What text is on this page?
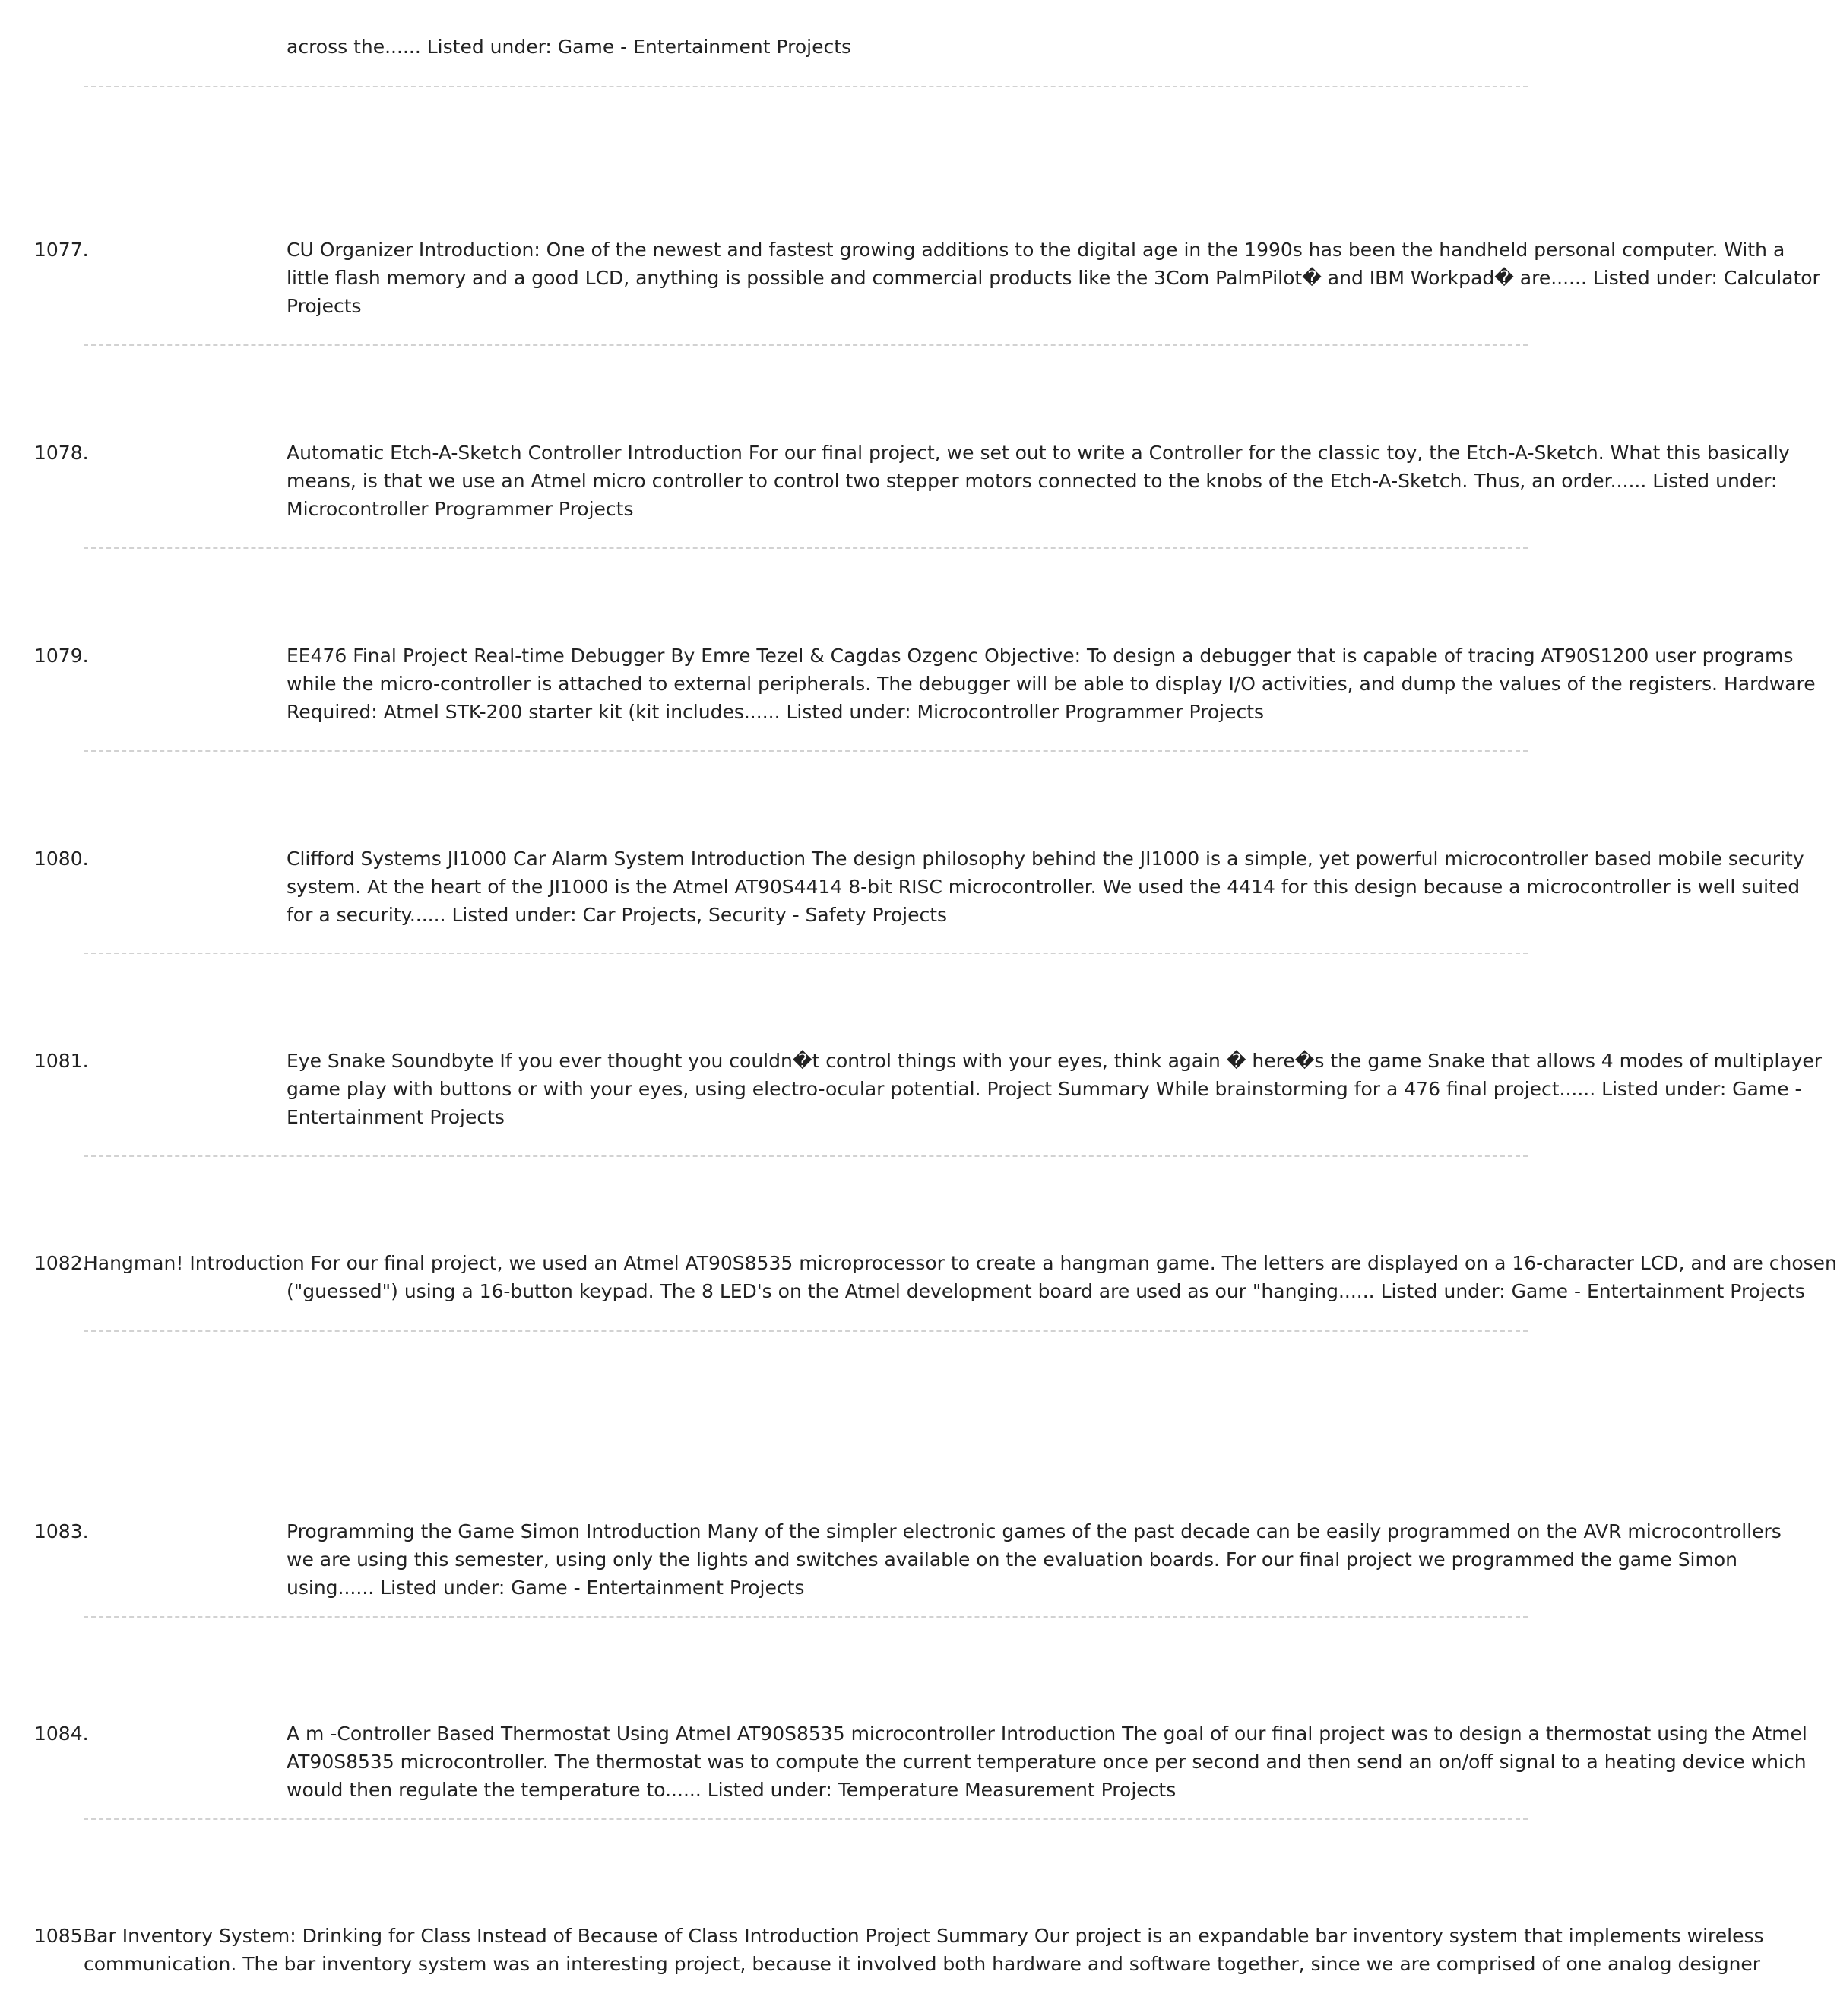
across the...... Listed under: Game - Entertainment Projects
1077.	CU Organizer Introduction: One of the newest and fastest growing additions to the digital age in the 1990s has been the handheld personal computer. With a
little flash memory and a good LCD, anything is possible and commercial products like the 3Com PalmPilot� and IBM Workpad� are...... Listed under: Calculator
Projects
1078.	Automatic Etch-A-Sketch Controller Introduction For our final project, we set out to write a Controller for the classic toy, the Etch-A-Sketch. What this basically
means, is that we use an Atmel micro controller to control two stepper motors connected to the knobs of the Etch-A-Sketch. Thus, an order...... Listed under:
Microcontroller Programmer Projects
1079.	EE476 Final Project Real-time Debugger By Emre Tezel & Cagdas Ozgenc Objective: To design a debugger that is capable of tracing AT90S1200 user programs
while the micro-controller is attached to external peripherals. The debugger will be able to display I/O activities, and dump the values of the registers. Hardware
Required: Atmel STK-200 starter kit (kit includes...... Listed under: Microcontroller Programmer Projects
1080.	Clifford Systems JI1000 Car Alarm System Introduction The design philosophy behind the JI1000 is a simple, yet powerful microcontroller based mobile security
system. At the heart of the JI1000 is the Atmel AT90S4414 8-bit RISC microcontroller. We used the 4414 for this design because a microcontroller is well suited
for a security...... Listed under: Car Projects, Security - Safety Projects
1081.	Eye Snake Soundbyte If you ever thought you couldn�t control things with your eyes, think again � here�s the game Snake that allows 4 modes of multiplayer
game play with buttons or with your eyes, using electro-ocular potential. Project Summary While brainstorming for a 476 final project...... Listed under: Game -
Entertainment Projects
1082.
Hangman! Introduction For our final project, we used an Atmel AT90S8535 microprocessor to create a hangman game. The letters are displayed on a 16-character LCD, and are chosen
("guessed") using a 16-button keypad. The 8 LED's on the Atmel development board are used as our "hanging...... Listed under: Game - Entertainment Projects
1083.	Programming the Game Simon Introduction Many of the simpler electronic games of the past decade can be easily programmed on the AVR microcontrollers
we are using this semester, using only the lights and switches available on the evaluation boards. For our final project we programmed the game Simon
using...... Listed under: Game - Entertainment Projects
1084.	A m -Controller Based Thermostat Using Atmel AT90S8535 microcontroller Introduction The goal of our final project was to design a thermostat using the Atmel
AT90S8535 microcontroller. The thermostat was to compute the current temperature once per second and then send an on/off signal to a heating device which
would then regulate the temperature to...... Listed under: Temperature Measurement Projects
1085.
Bar Inventory System: Drinking for Class Instead of Because of Class Introduction Project Summary Our project is an expandable bar inventory system that implements wireless
communication. The bar inventory system was an interesting project, because it involved both hardware and software together, since we are comprised of one analog designer
